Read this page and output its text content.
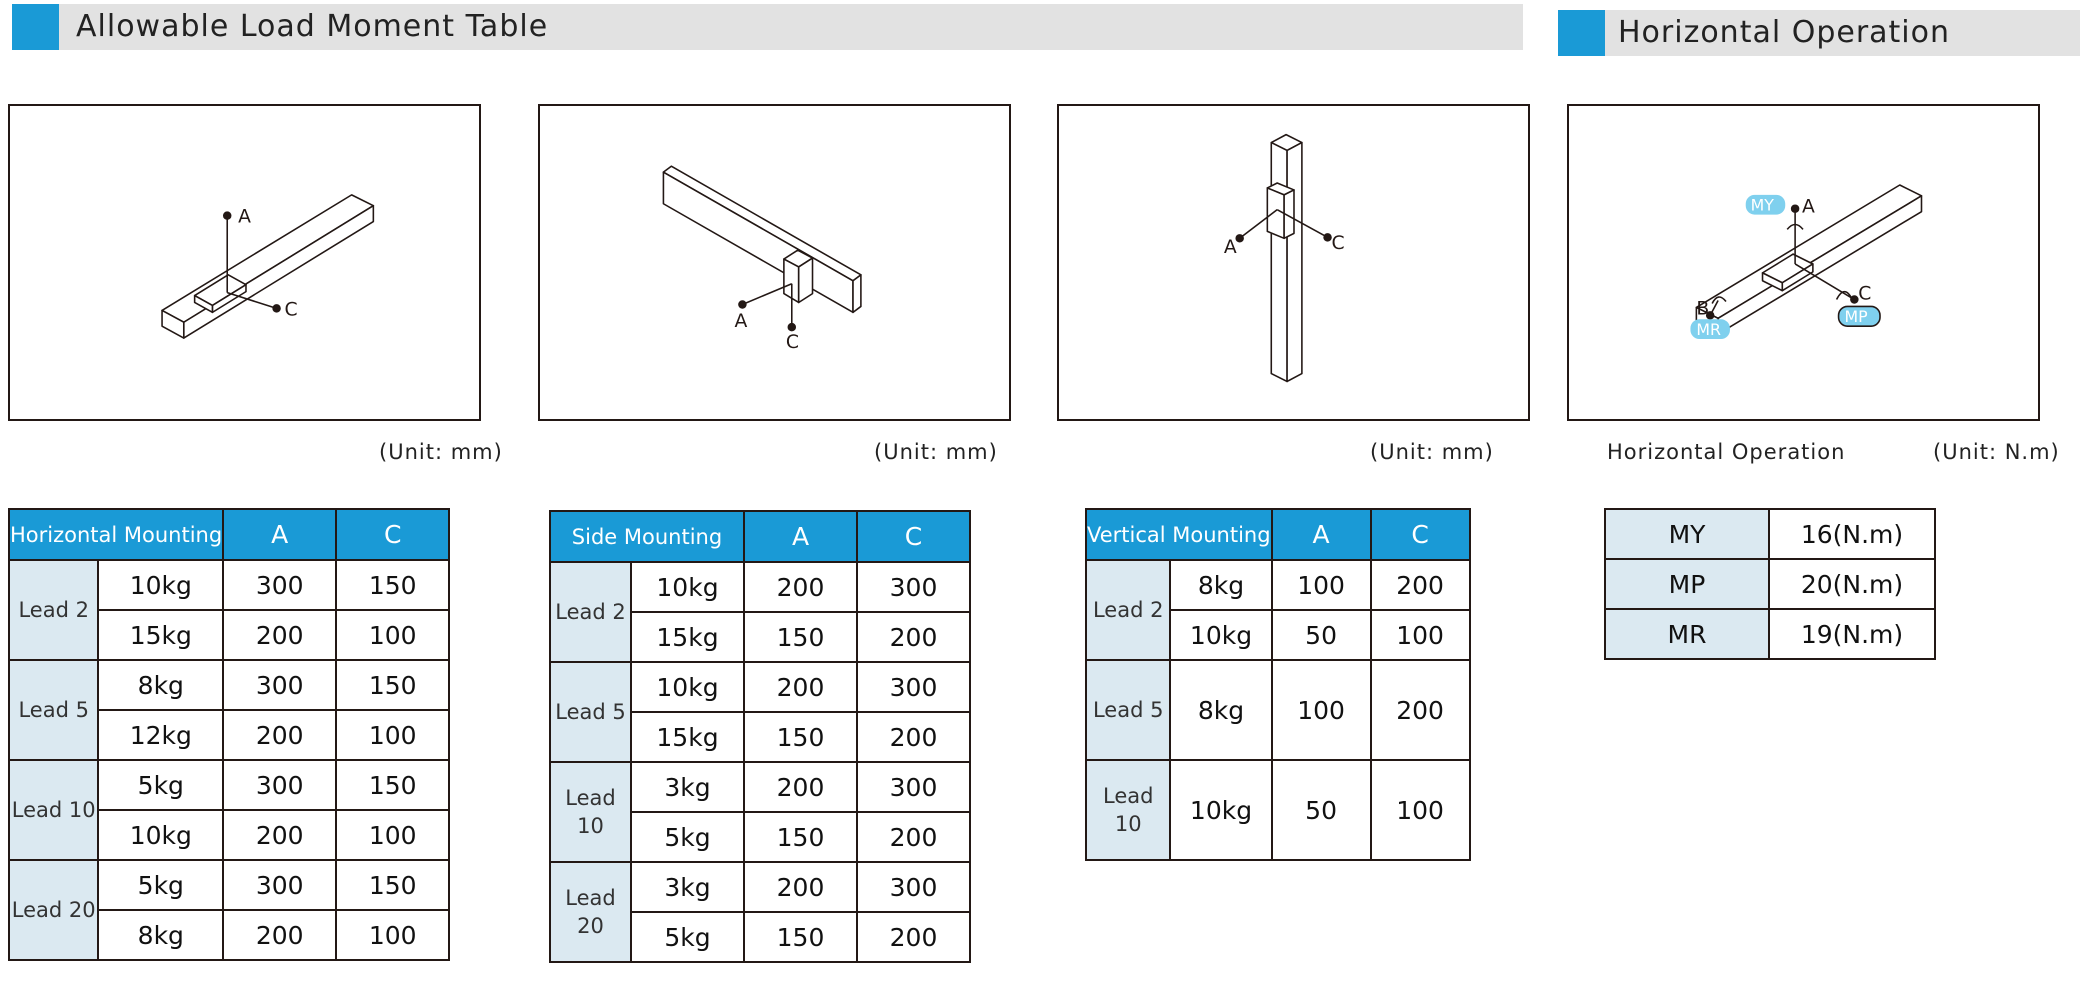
Allowable Load Moment Table	Horizontal Operation
A
C
A
C
A	C
MY A
B
C
MR
MP
(Unit: mm)	(Unit: mm)	(Unit: mm)	Horizontal Operation	(Unit: N.m)
Horizontal Mounting		A	C
Lead 2	10kg	300	150
	15kg	200	100
Lead 5	8kg	300	150
	12kg	200	100
Lead 10	5kg	300	150
	10kg	200	100
Lead 20	5kg	300	150
	8kg	200	100
Side Mounting		A	C
Lead 2	10kg	200	300
	15kg	150	200
Lead 5	10kg	200	300
	15kg	150	200
Lead 10	3kg	200	300
	5kg	150	200
Lead 20	3kg	200	300
	5kg	150	200
Vertical Mounting		A	C
Lead 2	8kg	100	200
	10kg	50	100
Lead 5	8kg	100	200
Lead 10	10kg	50	100
MY	16(N.m)
MP	20(N.m)
MR	19(N.m)
